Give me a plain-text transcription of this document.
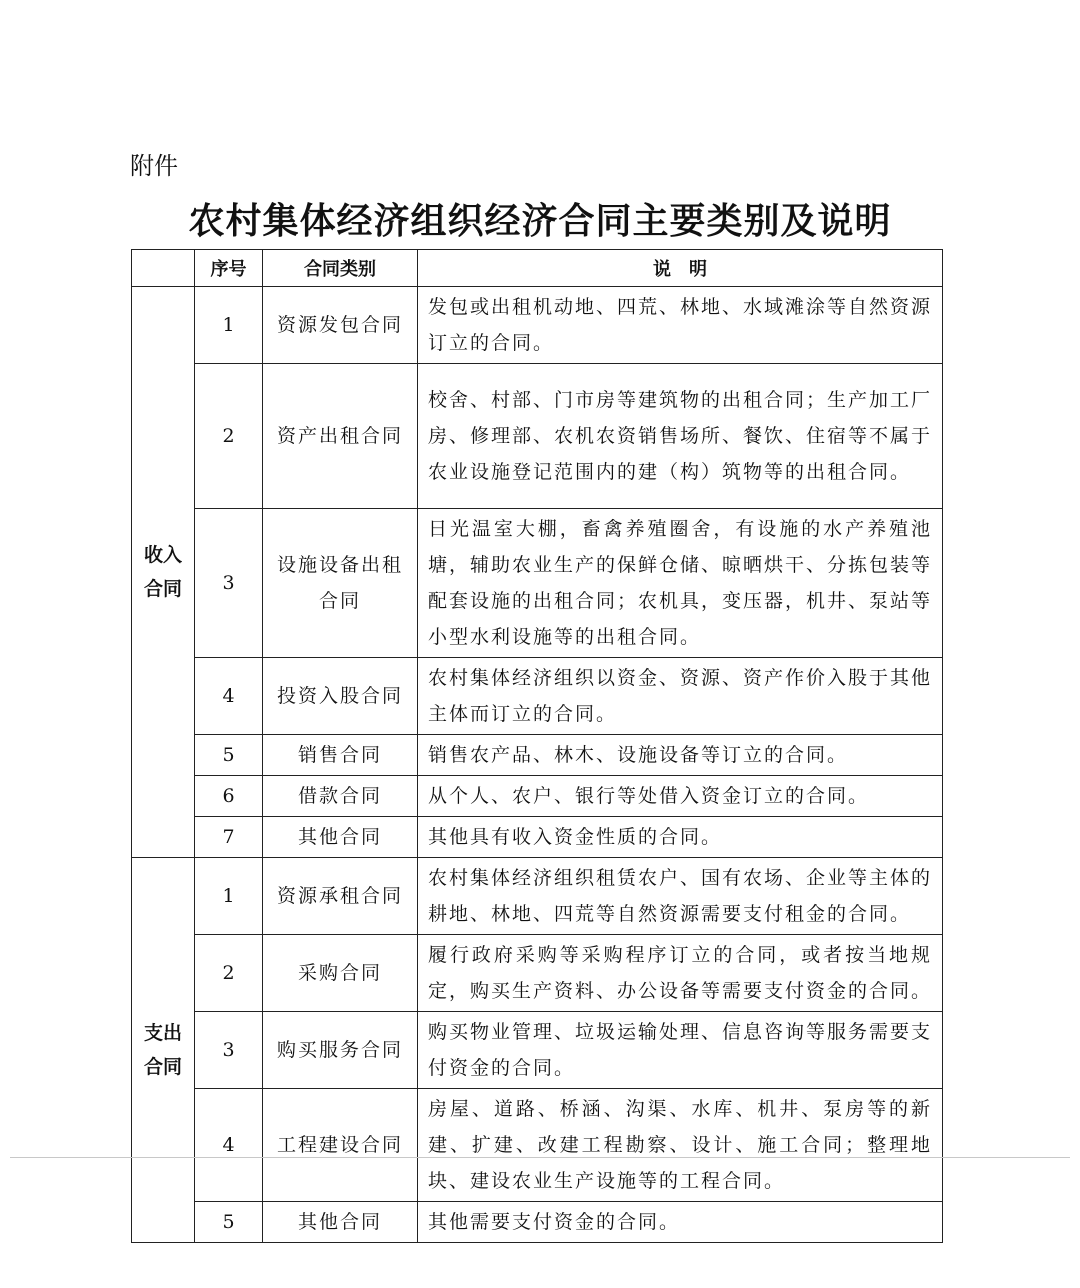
附件
农村集体经济组织经济合同主要类别及说明
	序号	合同类别	说　明
收入合同	1	资源发包合同	发包或出租机动地、四荒、林地、水域滩涂等自然资源订立的合同。
	2	资产出租合同	校舍、村部、门市房等建筑物的出租合同；生产加工厂房、修理部、农机农资销售场所、餐饮、住宿等不属于农业设施登记范围内的建（构）筑物等的出租合同。
	3	设施设备出租合同	日光温室大棚，畜禽养殖圈舍，有设施的水产养殖池塘，辅助农业生产的保鲜仓储、晾晒烘干、分拣包装等配套设施的出租合同；农机具，变压器，机井、泵站等小型水利设施等的出租合同。
	4	投资入股合同	农村集体经济组织以资金、资源、资产作价入股于其他主体而订立的合同。
	5	销售合同	销售农产品、林木、设施设备等订立的合同。
	6	借款合同	从个人、农户、银行等处借入资金订立的合同。
	7	其他合同	其他具有收入资金性质的合同。
支出合同	1	资源承租合同	农村集体经济组织租赁农户、国有农场、企业等主体的耕地、林地、四荒等自然资源需要支付租金的合同。
	2	采购合同	履行政府采购等采购程序订立的合同，或者按当地规定，购买生产资料、办公设备等需要支付资金的合同。
	3	购买服务合同	购买物业管理、垃圾运输处理、信息咨询等服务需要支付资金的合同。
	4	工程建设合同	房屋、道路、桥涵、沟渠、水库、机井、泵房等的新建、扩建、改建工程勘察、设计、施工合同；整理地块、建设农业生产设施等的工程合同。
	5	其他合同	其他需要支付资金的合同。
